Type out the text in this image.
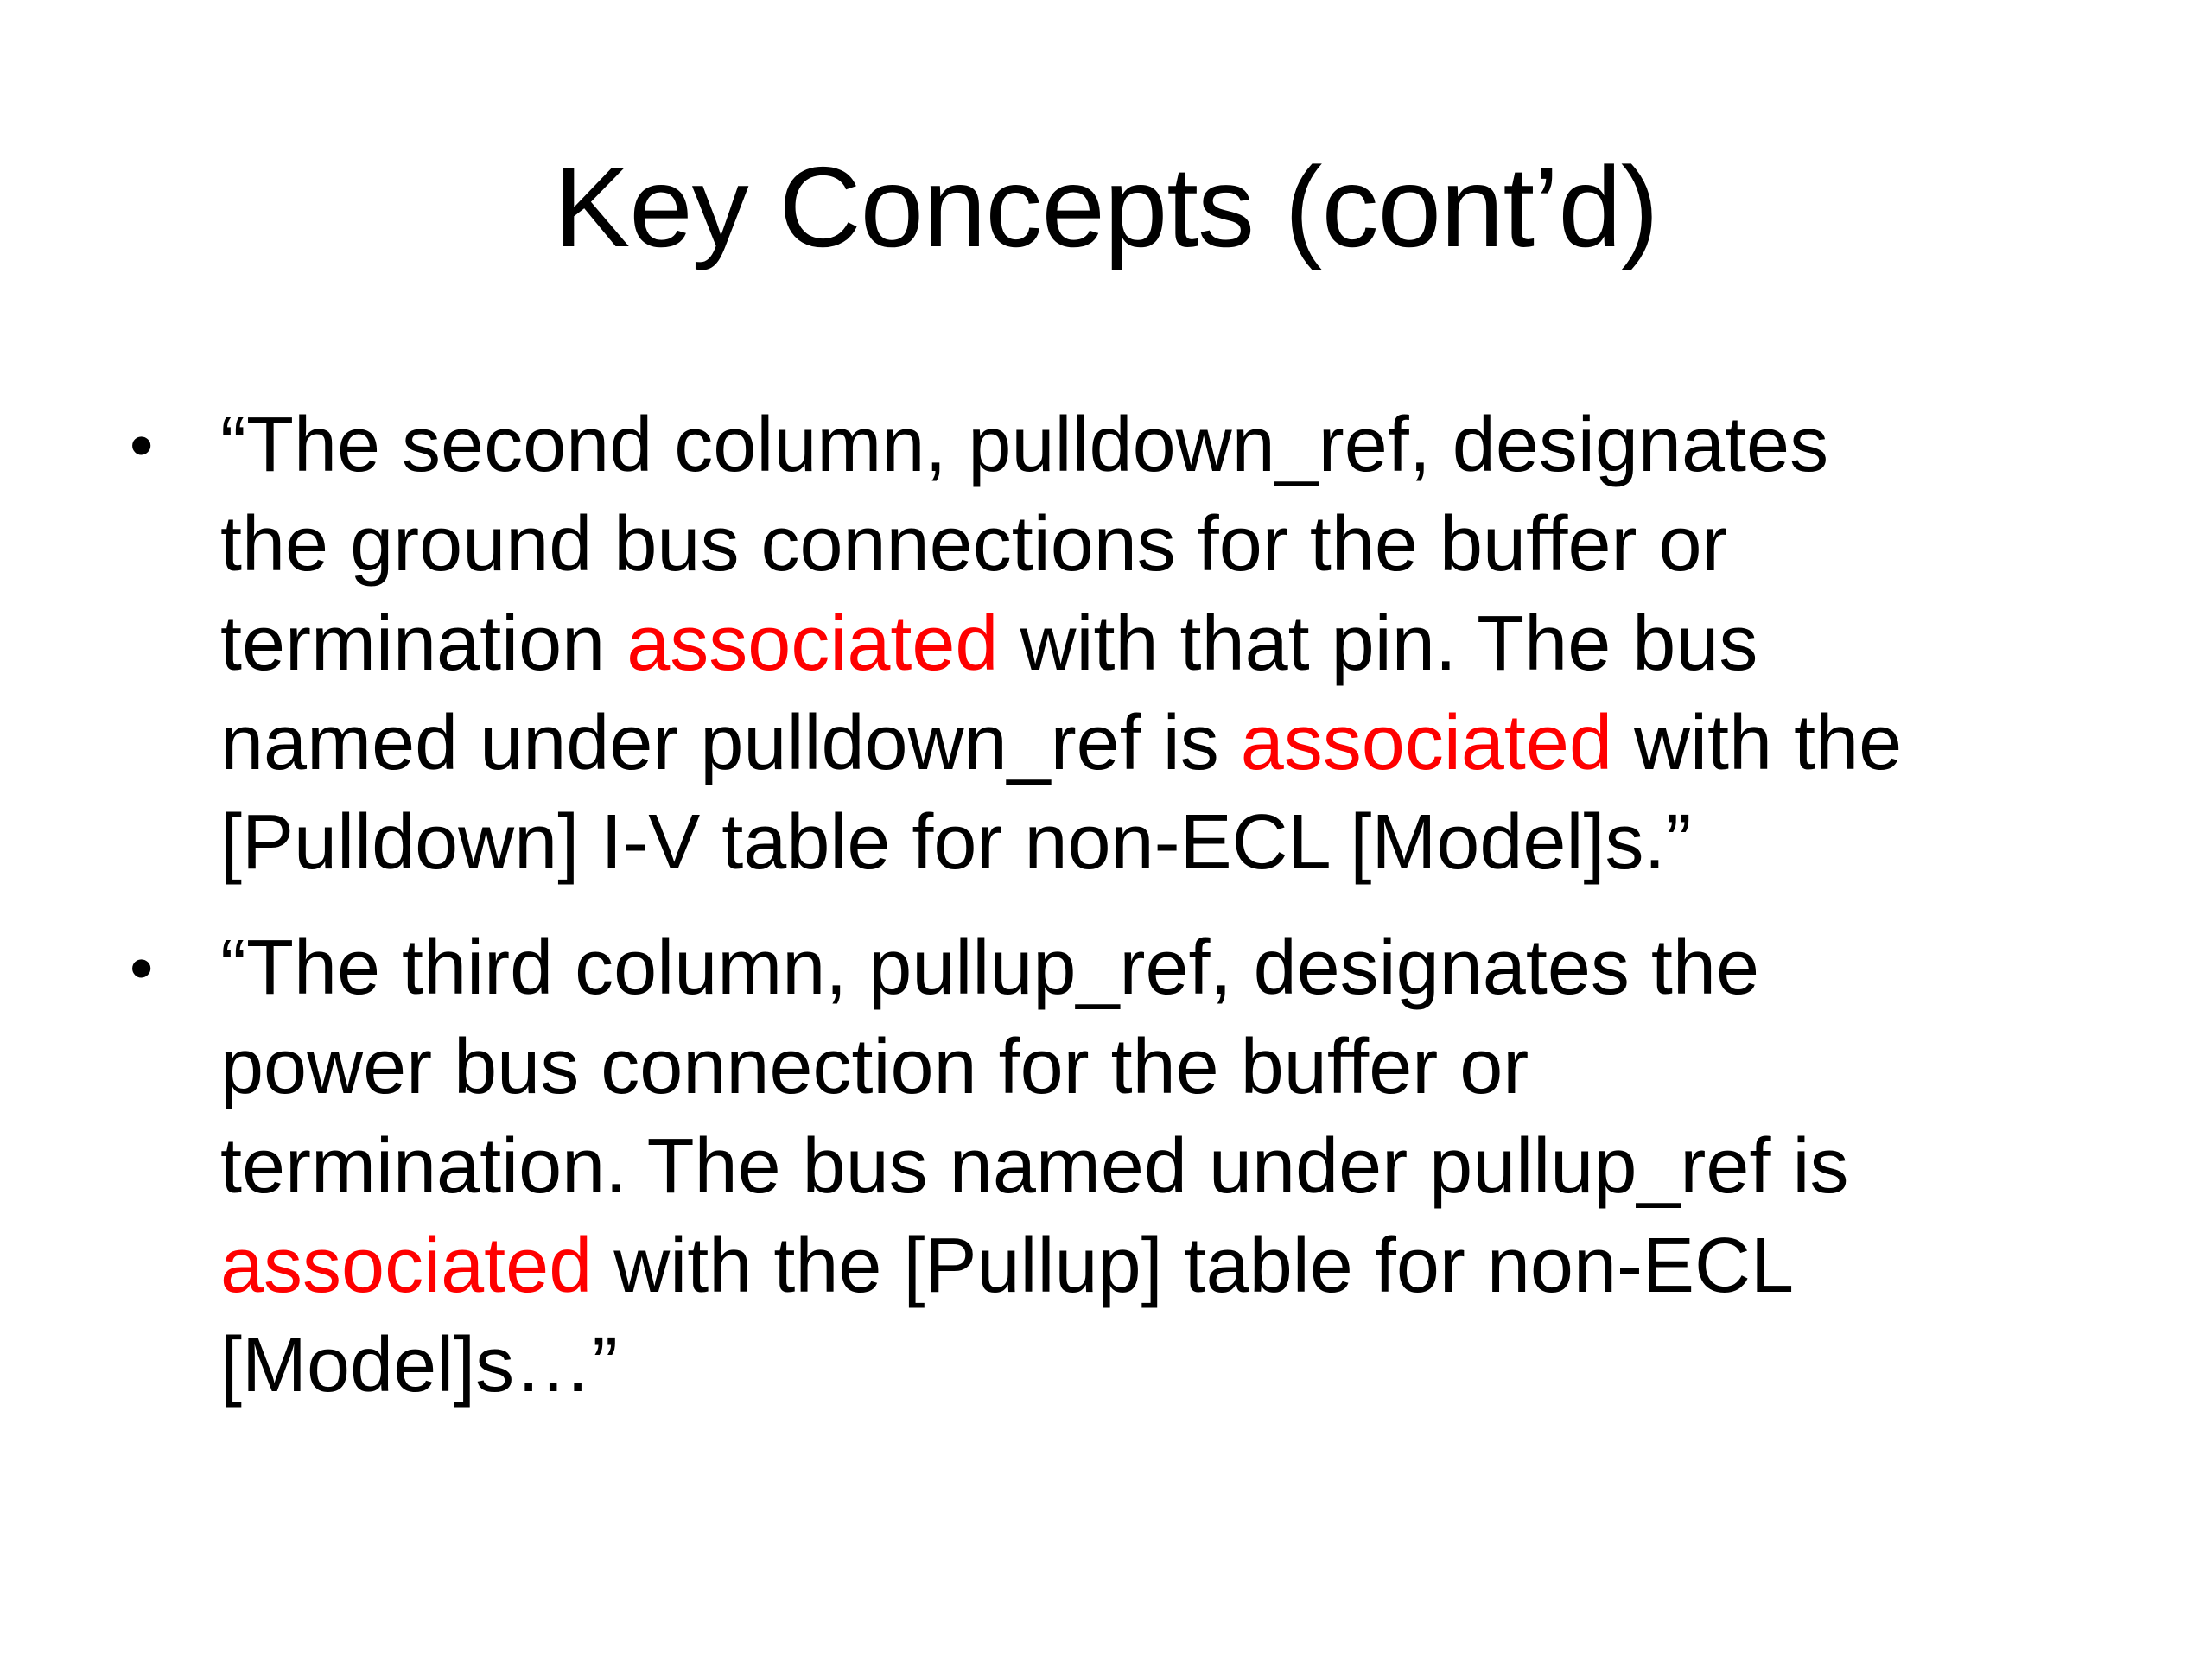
Key Concepts (cont’d)
• “The second column, pulldown_ref, designates
the ground bus connections for the buffer or
termination associated with that pin. The bus
named under pulldown_ref is associated with the
[Pulldown] I-V table for non-ECL [Model]s.”
• “The third column, pullup_ref, designates the
power bus connection for the buffer or
termination. The bus named under pullup_ref is
associated with the [Pullup] table for non-ECL
[Model]s…”
